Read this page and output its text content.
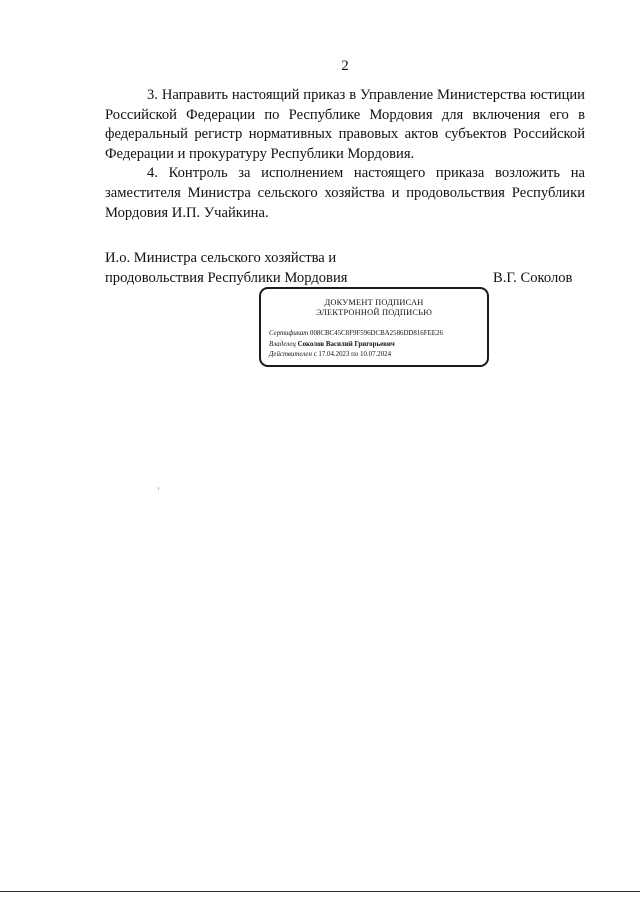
2

3. Направить настоящий приказ в Управление Министерства юстиции Российской Федерации по Республике Мордовия для включения его в федеральный регистр нормативных правовых актов субъектов Российской Федерации и прокуратуру Республики Мордовия.

4. Контроль за исполнением настоящего приказа возложить на заместителя Министра сельского хозяйства и продовольствия Республики Мордовия И.П. Учайкина.

И.о. Министра сельского хозяйства и
продовольствия Республики Мордовия	В.Г. Соколов
ДОКУМЕНТ ПОДПИСАН
ЭЛЕКТРОННОЙ ПОДПИСЬЮ
Сертификат 008CBC45C8F9F596DCBA2586DD816FEE26
Владелец Соколов Василий Григорьевич
Действителен с 17.04.2023 по 10.07.2024
